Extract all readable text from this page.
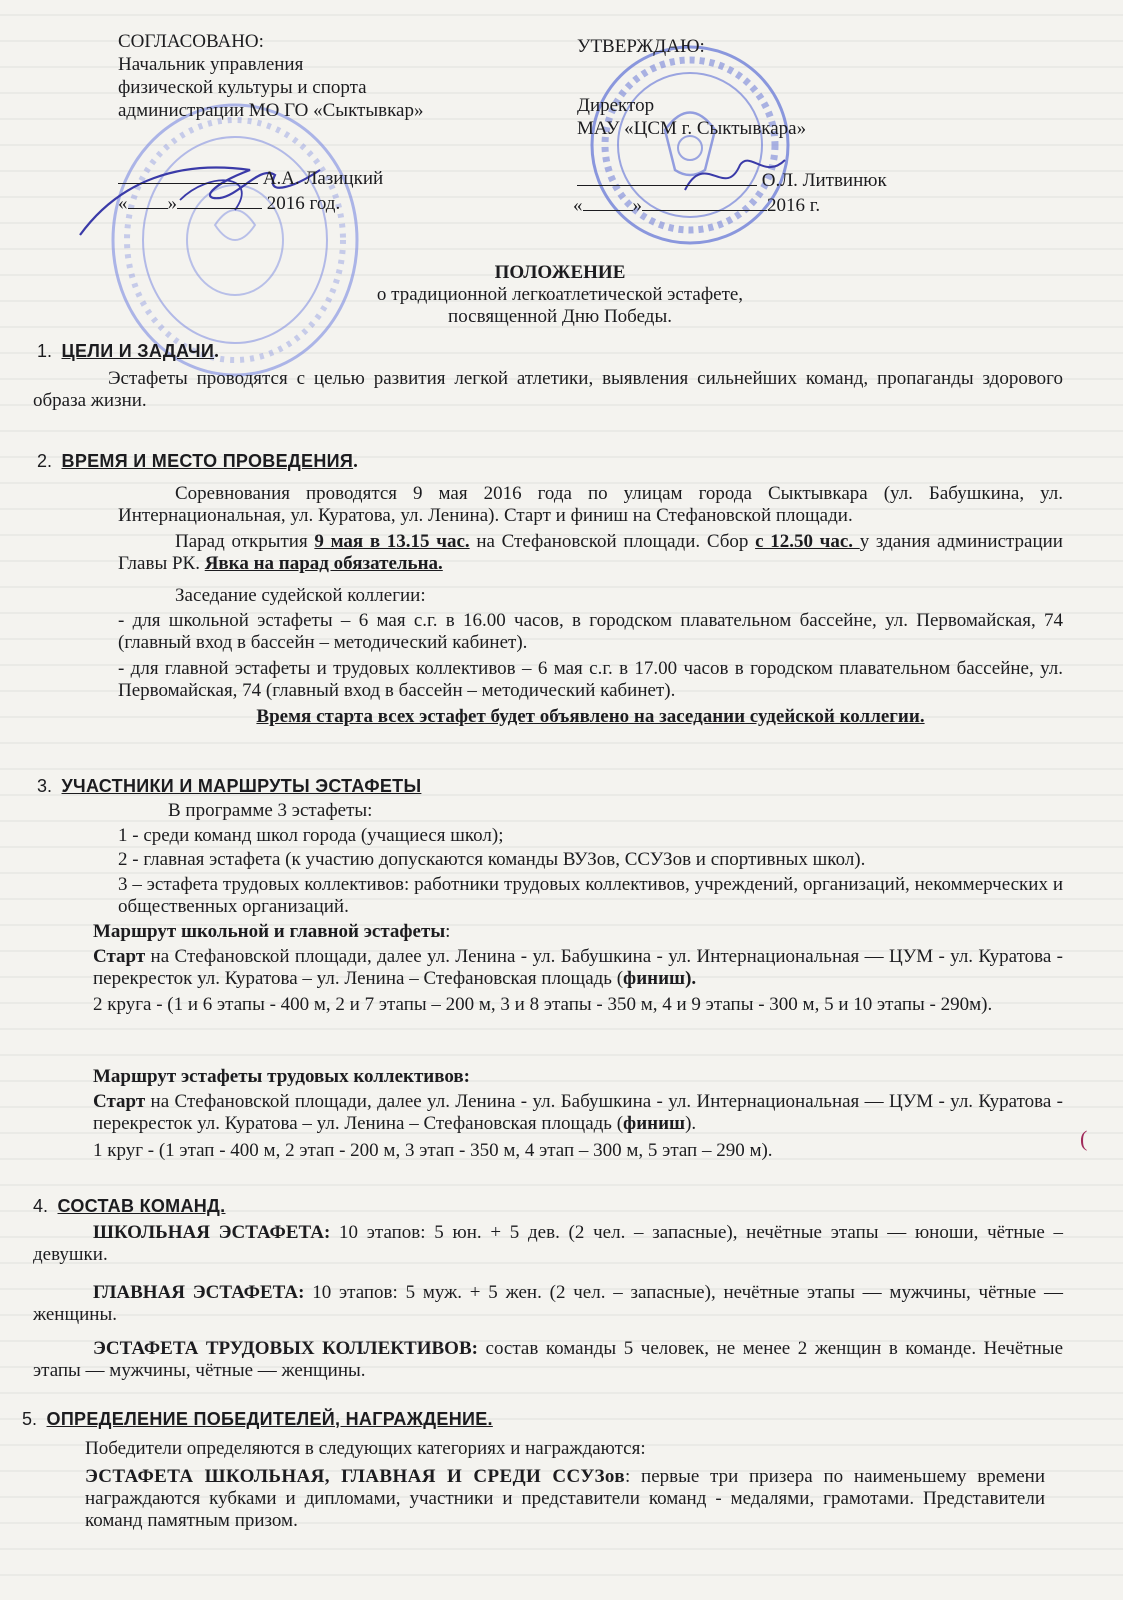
СОГЛАСОВАНО:
Начальник управления
физической культуры и спорта
администрации МО ГО «Сыктывкар»
А.А. Лазицкий
« »	2016 год.
УТВЕРЖДАЮ:
Директор
МАУ «ЦСМ г. Сыктывкара»
О.Л. Литвинюк
«	»	2016 г.
ПОЛОЖЕНИЕ
о традиционной легкоатлетической эстафете,
посвященной Дню Победы.
1. ЦЕЛИ И ЗАДАЧИ.

Эстафеты проводятся с целью развития легкой атлетики, выявления сильнейших команд, пропаганды здорового образа жизни.

2. ВРЕМЯ И МЕСТО ПРОВЕДЕНИЯ.

Соревнования проводятся 9 мая 2016 года по улицам города Сыктывкара (ул. Бабушкина, ул. Интернациональная, ул. Куратова, ул. Ленина). Старт и финиш на Стефановской площади.

Парад открытия 9 мая в 13.15 час. на Стефановской площади. Сбор с 12.50 час. у здания администрации Главы РК. Явка на парад обязательна.

Заседание судейской коллегии:

- для школьной эстафеты – 6 мая с.г. в 16.00 часов, в городском плавательном бассейне, ул. Первомайская, 74 (главный вход в бассейн – методический кабинет).

- для главной эстафеты и трудовых коллективов – 6 мая с.г. в 17.00 часов в городском плавательном бассейне, ул. Первомайская, 74 (главный вход в бассейн – методический кабинет).

Время старта всех эстафет будет объявлено на заседании судейской коллегии.

3. УЧАСТНИКИ И МАРШРУТЫ ЭСТАФЕТЫ

В программе 3 эстафеты:

1 - среди команд школ города (учащиеся школ);

2 - главная эстафета (к участию допускаются команды ВУЗов, ССУЗов и спортивных школ).

3 – эстафета трудовых коллективов: работники трудовых коллективов, учреждений, организаций, некоммерческих и общественных организаций.

Маршрут школьной и главной эстафеты:

Старт на Стефановской площади, далее ул. Ленина - ул. Бабушкина - ул. Интернациональная — ЦУМ - ул. Куратова - перекресток ул. Куратова – ул. Ленина – Стефановская площадь (финиш).

2 круга - (1 и 6 этапы - 400 м, 2 и 7 этапы – 200 м, 3 и 8 этапы - 350 м, 4 и 9 этапы - 300 м, 5 и 10 этапы - 290м).

Маршрут эстафеты трудовых коллективов:

Старт на Стефановской площади, далее ул. Ленина - ул. Бабушкина - ул. Интернациональная — ЦУМ - ул. Куратова - перекресток ул. Куратова – ул. Ленина – Стефановская площадь (финиш).

1 круг - (1 этап - 400 м, 2 этап - 200 м, 3 этап - 350 м, 4 этап – 300 м, 5 этап – 290 м).

4. СОСТАВ КОМАНД.

ШКОЛЬНАЯ ЭСТАФЕТА: 10 этапов: 5 юн. + 5 дев. (2 чел. – запасные), нечётные этапы — юноши, чётные – девушки.

ГЛАВНАЯ ЭСТАФЕТА: 10 этапов: 5 муж. + 5 жен. (2 чел. – запасные), нечётные этапы — мужчины, чётные — женщины.

ЭСТАФЕТА ТРУДОВЫХ КОЛЛЕКТИВОВ: состав команды 5 человек, не менее 2 женщин в команде. Нечётные этапы — мужчины, чётные — женщины.

5. ОПРЕДЕЛЕНИЕ ПОБЕДИТЕЛЕЙ, НАГРАЖДЕНИЕ.

Победители определяются в следующих категориях и награждаются:

ЭСТАФЕТА ШКОЛЬНАЯ, ГЛАВНАЯ И СРЕДИ ССУЗов: первые три призера по наименьшему времени награждаются кубками и дипломами, участники и представители команд - медалями, грамотами. Представители команд памятным призом.

(
